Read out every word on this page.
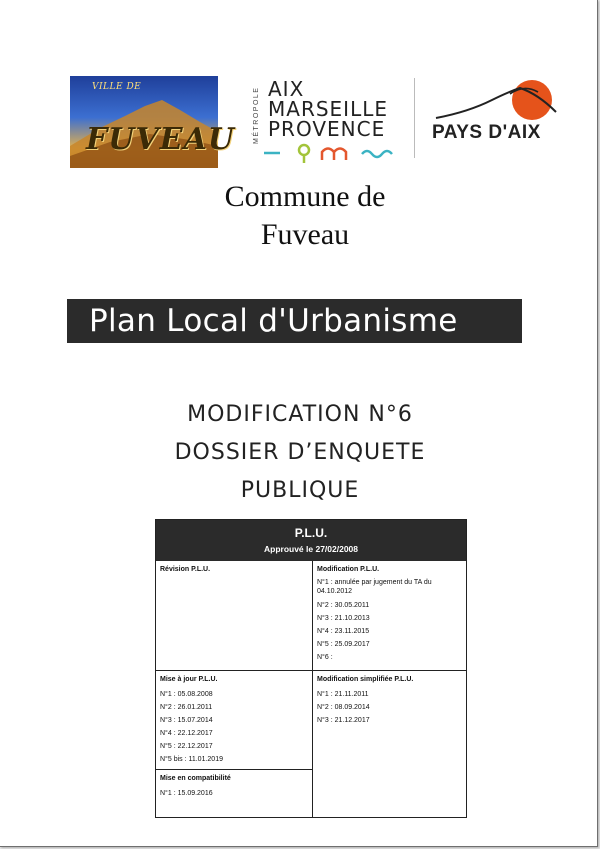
VILLE DE
FUVEAU	MÉTROPOLE AIX
MARSEILLE
PROVENCE PAYS D'AIX
Commune de
Fuveau
Plan Local d'Urbanisme
MODIFICATION N°6
DOSSIER D’ENQUETE
PUBLIQUE
P.L.U.
Approuvé le 27/02/2008
Révision P.L.U.	Modification P.L.U.
N°1 : annulée par jugement du TA du 04.10.2012
N°2 : 30.05.2011
N°3 : 21.10.2013
N°4 : 23.11.2015
N°5 : 25.09.2017
N°6 :
Mise à jour P.L.U.
N°1 : 05.08.2008
N°2 : 26.01.2011
N°3 : 15.07.2014
N°4 : 22.12.2017
N°5 : 22.12.2017
N°5 bis : 11.01.2019
Modification simplifiée P.L.U.
N°1 : 21.11.2011
N°2 : 08.09.2014
N°3 : 21.12.2017
Mise en compatibilité
N°1 : 15.09.2016
